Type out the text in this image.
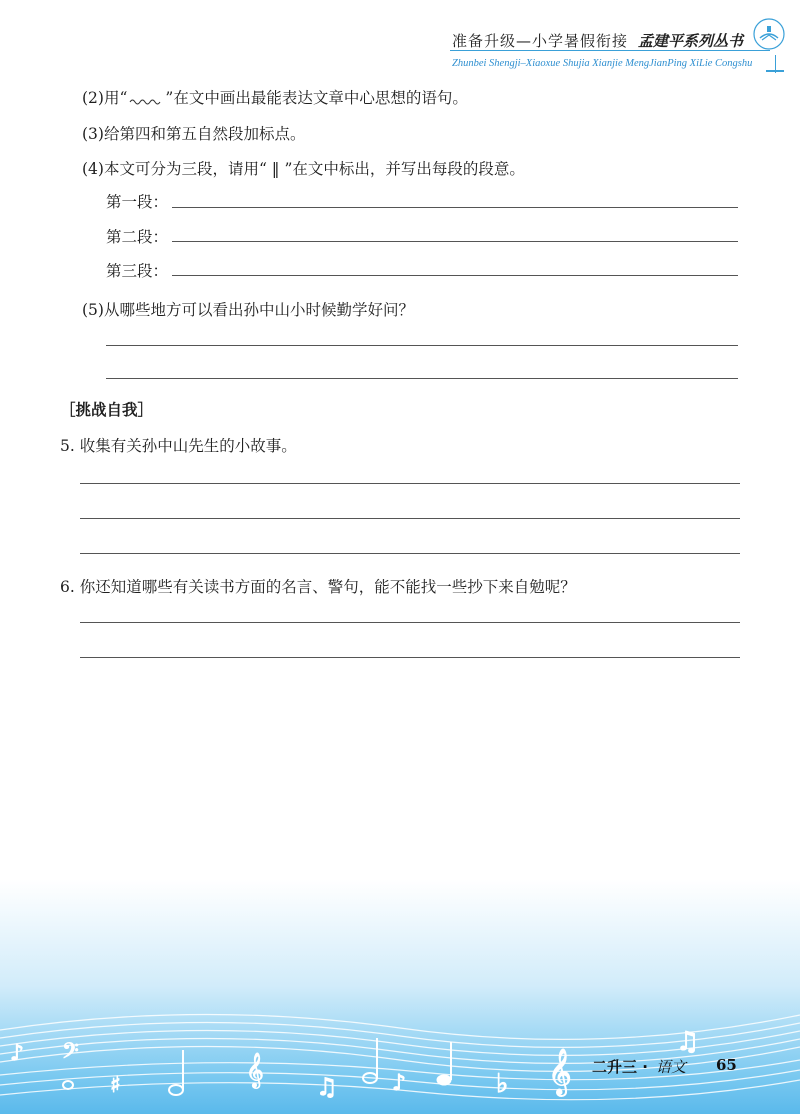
准备升级—小学暑假衔接 孟建平系列丛书
Zhunbei Shengji–Xiaoxue Shujia Xianjie MengJianPing XiLie Congshu
(2)用“ ”在文中画出最能表达文章中心思想的语句。
(3)给第四和第五自然段加标点。
(4)本文可分为三段，请用“ ‖ ”在文中标出，并写出每段的段意。
第一段：
第二段：
第三段：
(5)从哪些地方可以看出孙中山小时候勤学好问？
［挑战自我］
5. 收集有关孙中山先生的小故事。
6. 你还知道哪些有关读书方面的名言、警句，能不能找一些抄下来自勉呢？
♪ 𝄢
♯	𝄞 ♫ ♪	♭ 𝄞
♫
二升三 · 语文 65
